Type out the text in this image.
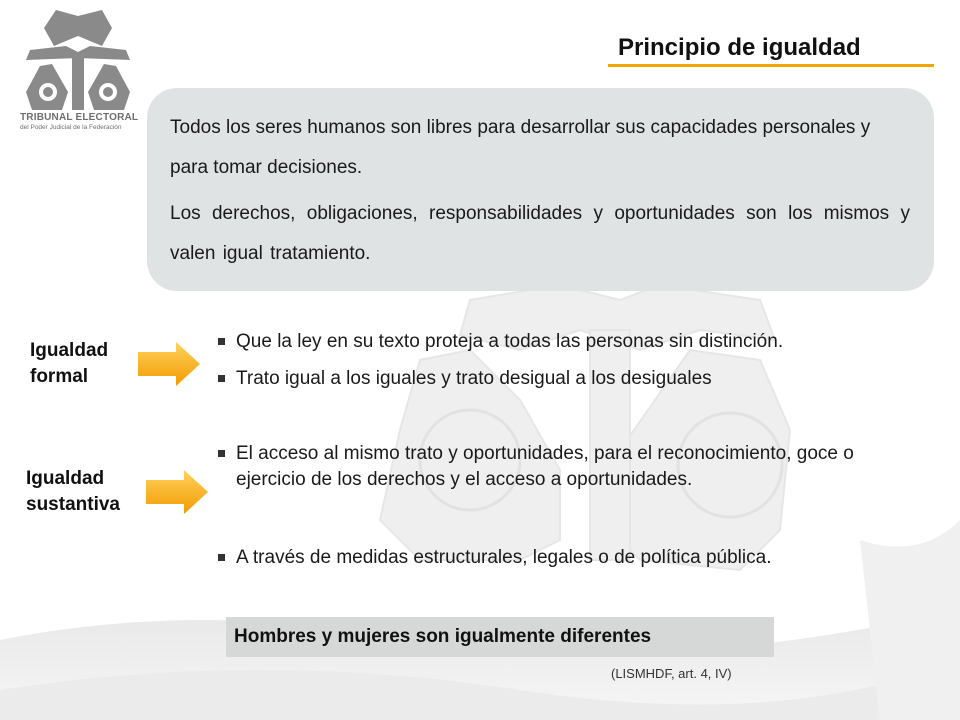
TRIBUNAL ELECTORAL
del Poder Judicial de la Federación
Principio de igualdad

Todos los seres humanos son libres para desarrollar sus capacidades personales y para tomar decisiones.

Los derechos, obligaciones, responsabilidades y oportunidades son los mismos y valen igual tratamiento.

Igualdad formal
Que la ley en su texto proteja a todas las personas sin distinción.
Trato igual a los iguales y trato desigual a los desiguales
Igualdad sustantiva
El acceso al mismo trato y oportunidades, para el reconocimiento, goce o ejercicio de los derechos y el acceso a oportunidades.
A través de medidas estructurales, legales o de política pública.
Hombres y mujeres son igualmente diferentes
(LISMHDF, art. 4, IV)
